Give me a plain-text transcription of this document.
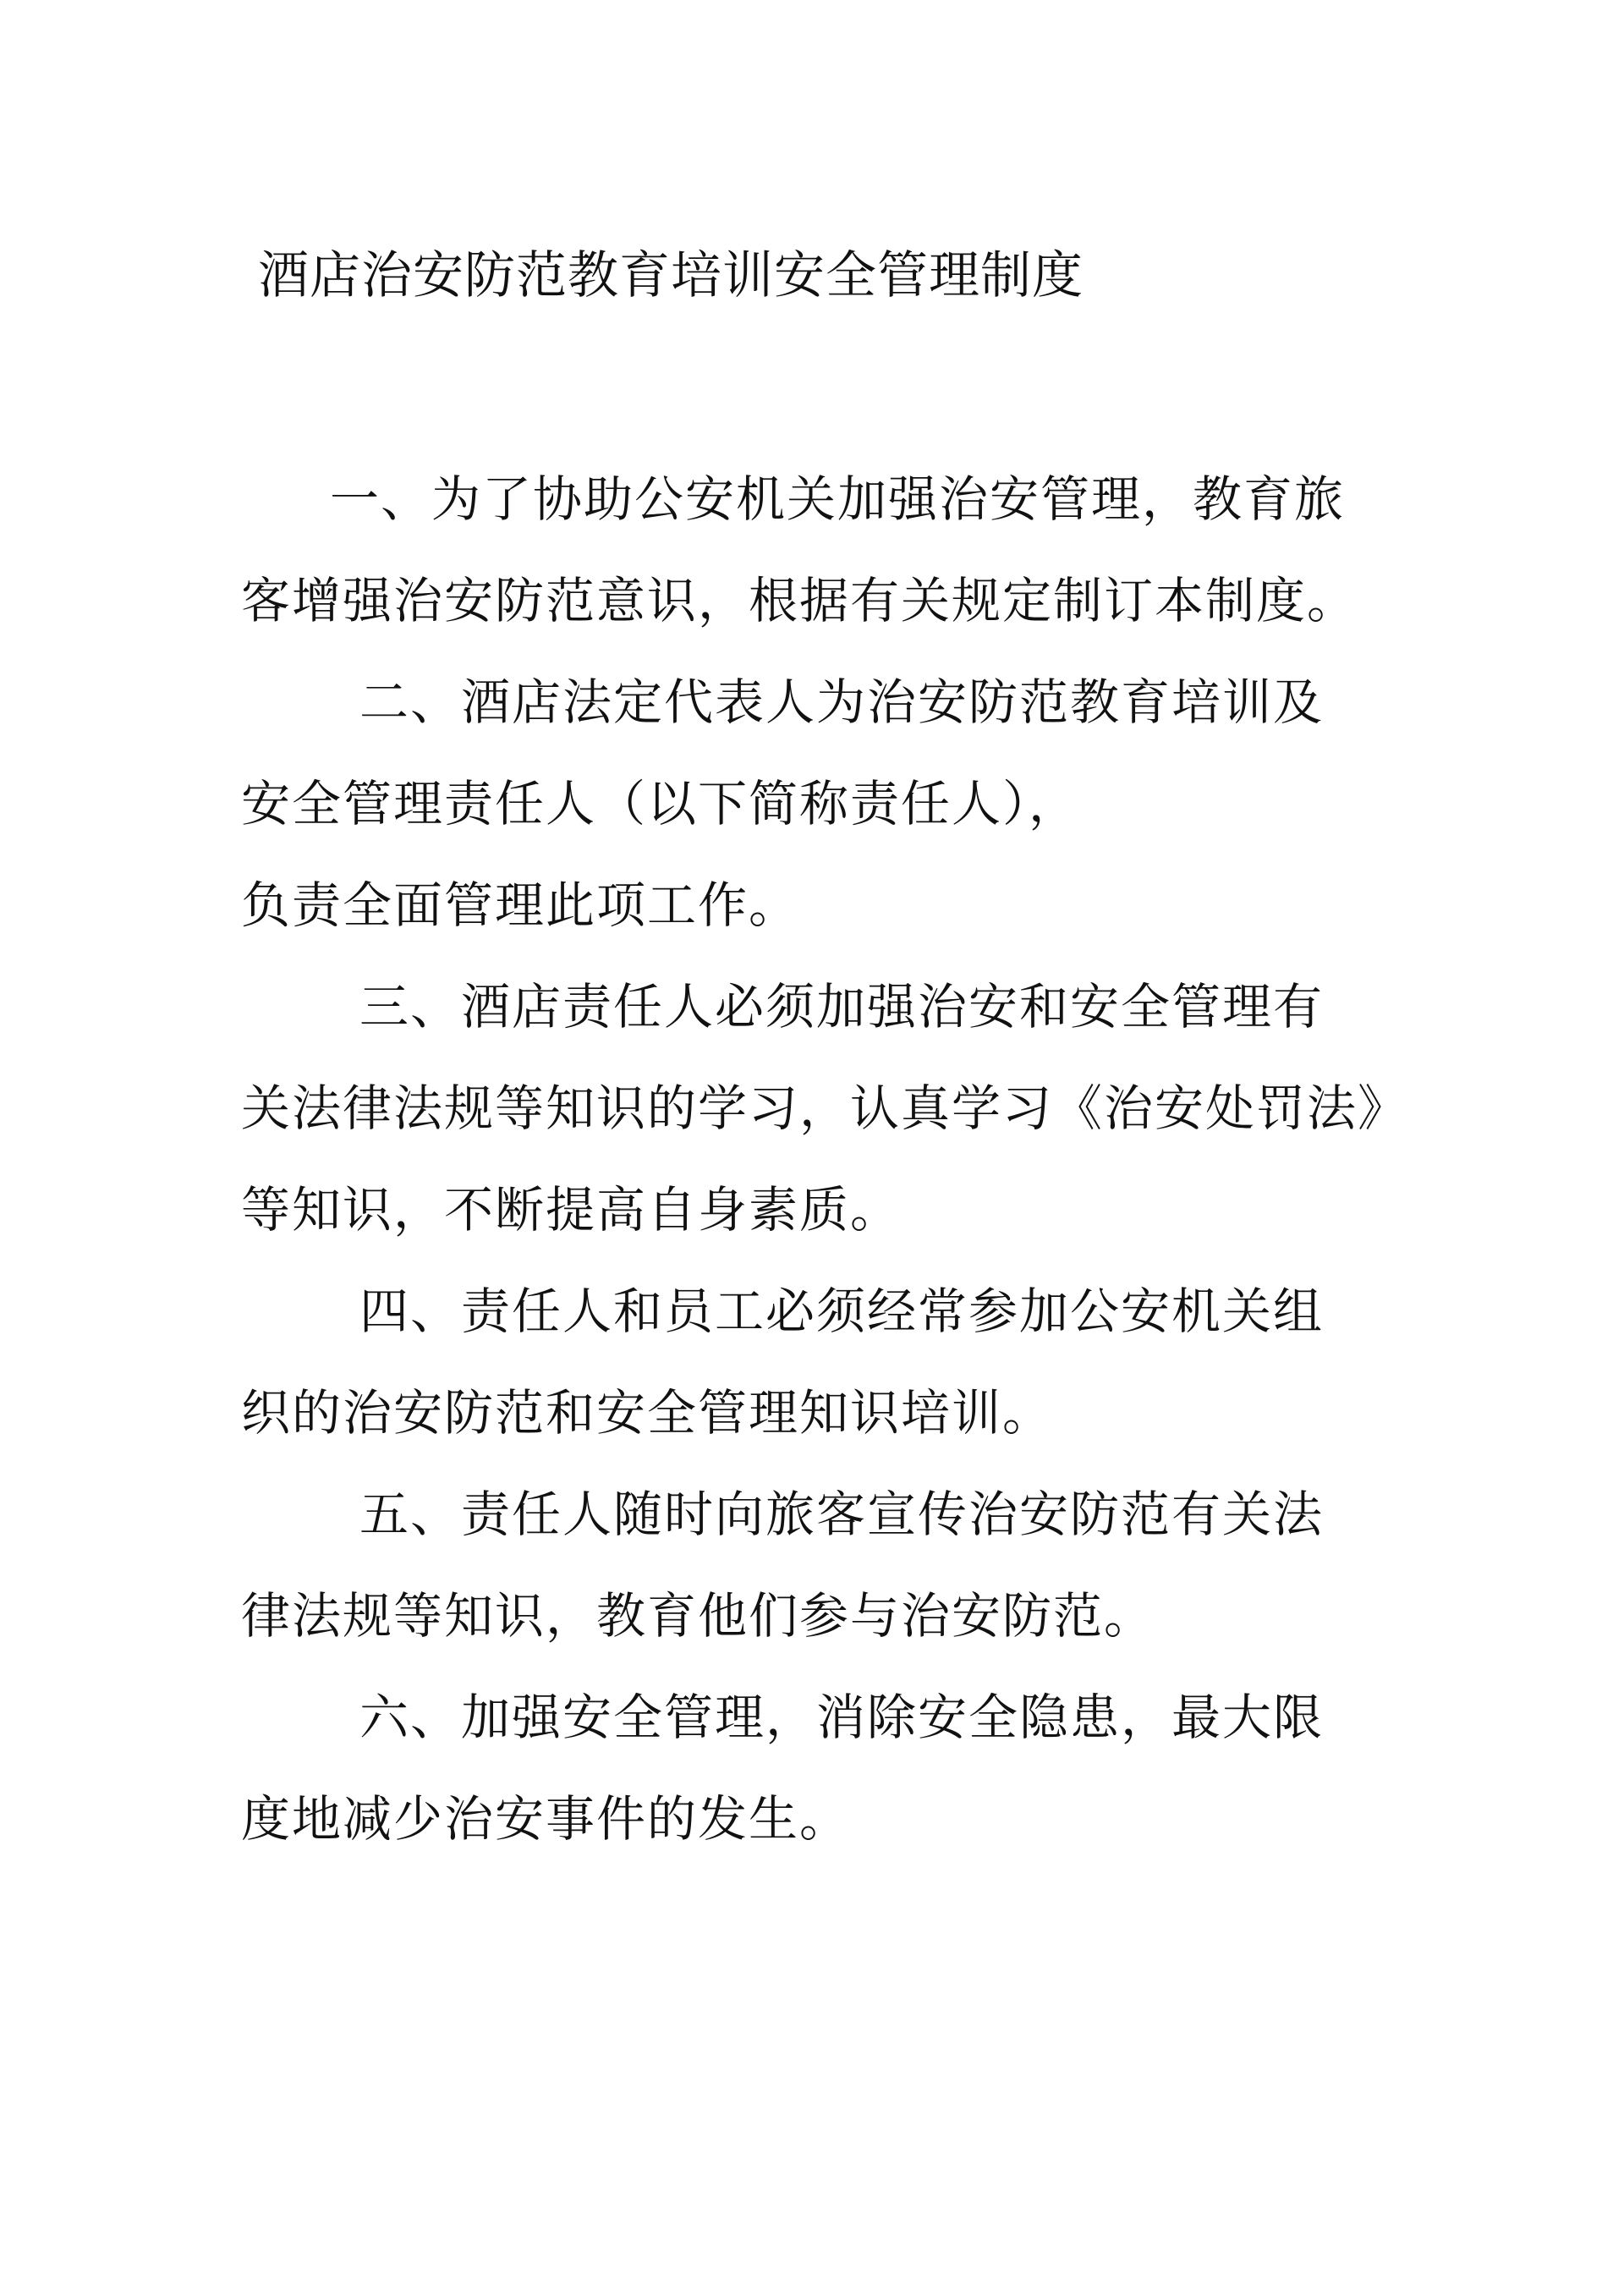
酒店治安防范教育培训安全管理制度
一、为了协助公安机关加强治安管理，教育旅
客增强治安防范意识，根据有关规定制订本制度。
二、酒店法定代表人为治安防范教育培训及
安全管理责任人（以下简称责任人），
负责全面管理此项工作。
三、酒店责任人必须加强治安和安全管理有
关法律法规等知识的学习，认真学习《治安处罚法》
等知识，不断提高自身素质。
四、责任人和员工必须经常参加公安机关组
织的治安防范和安全管理知识培训。
五、责任人随时向旅客宣传治安防范有关法
律法规等知识，教育他们参与治安防范。
六、加强安全管理，消除安全隐患，最大限
度地减少治安事件的发生。
